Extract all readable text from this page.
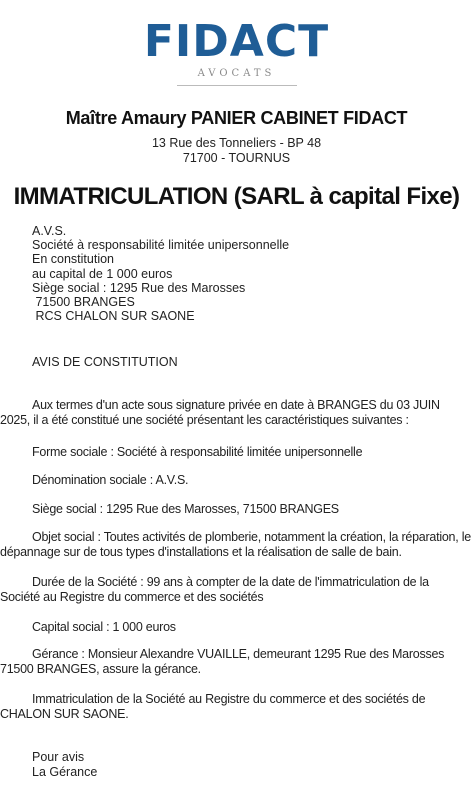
FIDACT
AVOCATS
Maître Amaury PANIER CABINET FIDACT
13 Rue des Tonneliers - BP 48
71700 - TOURNUS
IMMATRICULATION (SARL à capital Fixe)
A.V.S.
Société à responsabilité limitée unipersonnelle
En constitution
au capital de 1 000 euros
Siège social : 1295 Rue des Marosses
71500 BRANGES
RCS CHALON SUR SAONE
AVIS DE CONSTITUTION
Aux termes d'un acte sous signature privée en date à BRANGES du 03 JUIN 2025, il a été constitué une société présentant les caractéristiques suivantes :
Forme sociale : Société à responsabilité limitée unipersonnelle
Dénomination sociale : A.V.S.
Siège social : 1295 Rue des Marosses, 71500 BRANGES
Objet social : Toutes activités de plomberie, notamment la création, la réparation, le dépannage sur de tous types d'installations et la réalisation de salle de bain.
Durée de la Société : 99 ans à compter de la date de l'immatriculation de la Société au Registre du commerce et des sociétés
Capital social : 1 000 euros
Gérance : Monsieur Alexandre VUAILLE, demeurant 1295 Rue des Marosses 71500 BRANGES, assure la gérance.
Immatriculation de la Société au Registre du commerce et des sociétés de CHALON SUR SAONE.
Pour avis
La Gérance
